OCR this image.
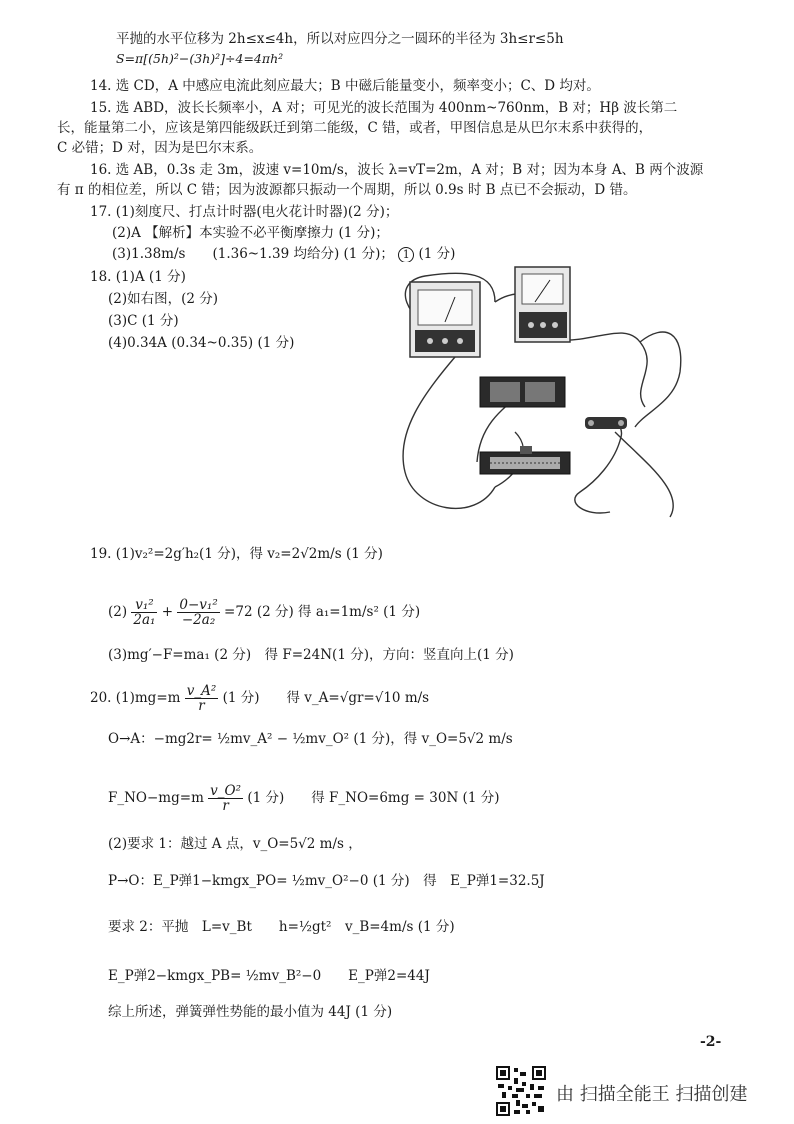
平抛的水平位移为 2h≤x≤4h，所以对应四分之一圆环的半径为 3h≤r≤5h
S=π[(5h)²−(3h)²]÷4=4πh²
14. 选 CD，A 中感应电流此刻应最大；B 中磁后能量变小，频率变小；C、D 均对。
15. 选 ABD，波长长频率小，A 对；可见光的波长范围为 400nm~760nm，B 对；Hβ 波长第二
长，能量第二小，应该是第四能级跃迁到第二能级，C 错，或者，甲图信息是从巴尔末系中获得的，
C 必错；D 对，因为是巴尔末系。
16. 选 AB，0.3s 走 3m，波速 v=10m/s，波长 λ=vT=2m，A 对；B 对；因为本身 A、B 两个波源
有 π 的相位差，所以 C 错；因为波源都只振动一个周期，所以 0.9s 时 B 点已不会振动，D 错。
17. (1)刻度尺、打点计时器(电火花计时器)(2 分)；
(2)A 【解析】本实验不必平衡摩擦力 (1 分)；
(3)1.38m/s　　(1.36~1.39 均给分) (1 分)； 1 (1 分)
18. (1)A (1 分)
(2)如右图，(2 分)
(3)C (1 分)
(4)0.34A (0.34~0.35) (1 分)
19. (1)v₂²=2g′h₂(1 分)，得 v₂=2√2m/s (1 分)
$(2) \frac{\text{v₁²}}{\text{2a₁}} + \frac{\text{0−v₁²}}{\text{−2a₂}} =72$ (2 分) 得 a₁=1m/s² (1 分)
(3)mg′−F=ma₁ (2 分)　得 F=24N(1 分)，方向：竖直向上(1 分)
20. $(1)mg=m \frac{\text{v\_A²}}{r} (1$ 分)　　得 v_A=√gr=√10 m/s
O→A：−mg2r= ½mv_A² − ½mv_O² (1 分)，得 v_O=5√2 m/s
F_NO−mg=m $\frac{\text{v\_O²}}{r} (1$ 分)　　得 F_NO=6mg = 30N (1 分)
(2)要求 1：越过 A 点，v_O=5√2 m/s ，
P→O：E_P弹1−kmgx_PO= ½mv_O²−0 (1 分)　得　E_P弹1=32.5J
要求 2：平抛　L=v_Bt　　h=½gt²　v_B=4m/s (1 分)
E_P弹2−kmgx_PB= ½mv_B²−0　　E_P弹2=44J
综上所述，弹簧弹性势能的最小值为 44J (1 分)
-2-
由 扫描全能王 扫描创建
